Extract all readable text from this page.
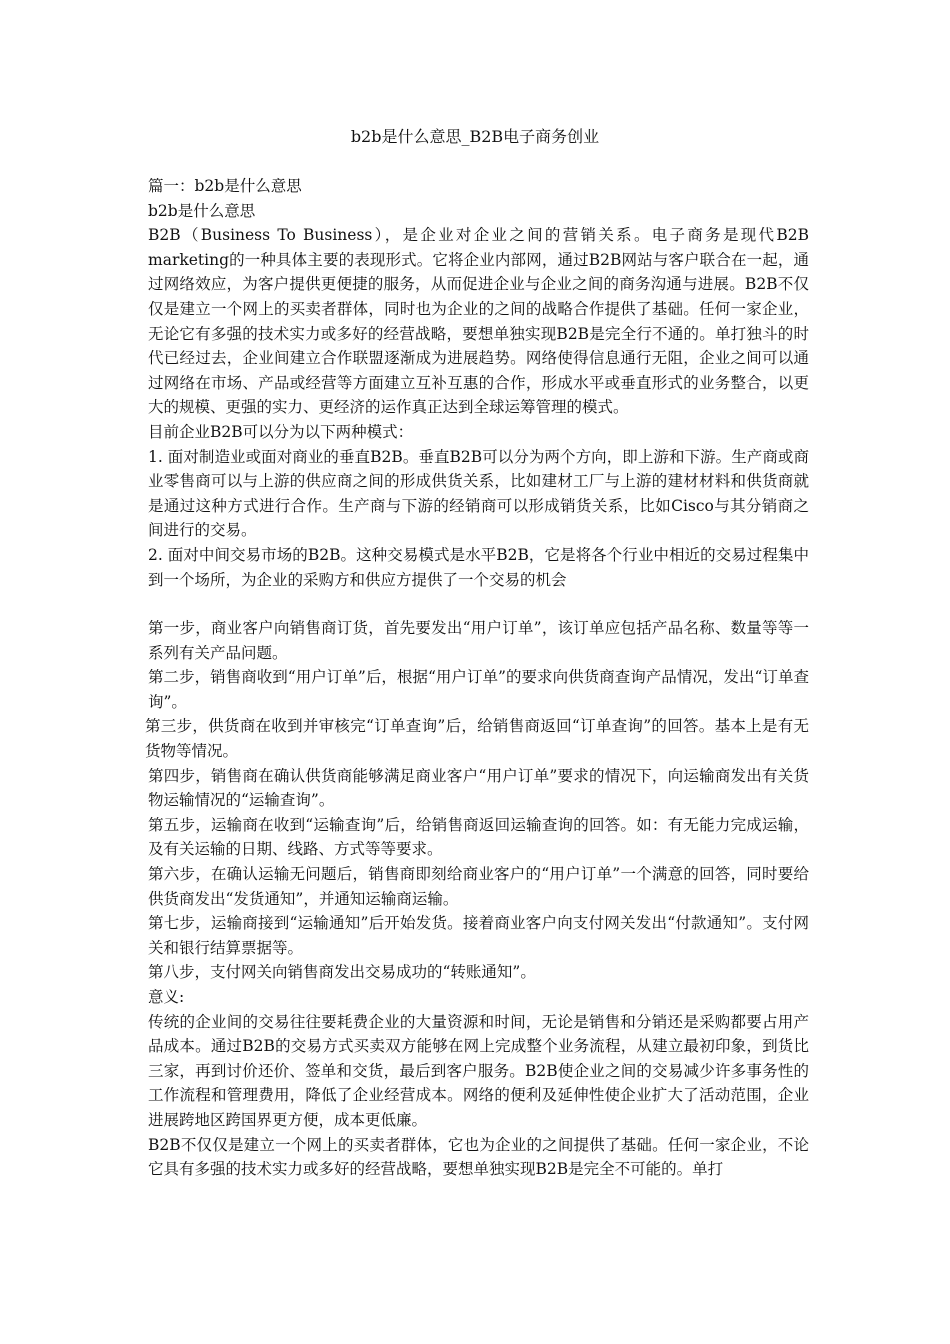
b2b是什么意思_B2B电子商务创业

篇一：b2b是什么意思

b2b是什么意思

B2B（Business To Business），是企业对企业之间的营销关系。电子商务是现代B2B marketing的一种具体主要的表现形式。它将企业内部网，通过B2B网站与客户联合在一起，通过网络效应，为客户提供更便捷的服务，从而促进企业与企业之间的商务沟通与进展。B2B不仅仅是建立一个网上的买卖者群体，同时也为企业的之间的战略合作提供了基础。任何一家企业，无论它有多强的技术实力或多好的经营战略，要想单独实现B2B是完全行不通的。单打独斗的时代已经过去，企业间建立合作联盟逐渐成为进展趋势。网络使得信息通行无阻，企业之间可以通过网络在市场、产品或经营等方面建立互补互惠的合作，形成水平或垂直形式的业务整合，以更大的规模、更强的实力、更经济的运作真正达到全球运筹管理的模式。

目前企业B2B可以分为以下两种模式：

1. 面对制造业或面对商业的垂直B2B。垂直B2B可以分为两个方向，即上游和下游。生产商或商业零售商可以与上游的供应商之间的形成供货关系，比如建材工厂与上游的建材材料和供货商就是通过这种方式进行合作。生产商与下游的经销商可以形成销货关系，比如Cisco与其分销商之间进行的交易。

2. 面对中间交易市场的B2B。这种交易模式是水平B2B，它是将各个行业中相近的交易过程集中到一个场所，为企业的采购方和供应方提供了一个交易的机会

第一步，商业客户向销售商订货，首先要发出“用户订单”，该订单应包括产品名称、数量等等一系列有关产品问题。

第二步，销售商收到“用户订单”后，根据“用户订单”的要求向供货商查询产品情况，发出“订单查询”。

第三步，供货商在收到并审核完“订单查询”后，给销售商返回“订单查询”的回答。基本上是有无货物等情况。

第四步，销售商在确认供货商能够满足商业客户“用户订单”要求的情况下，向运输商发出有关货物运输情况的“运输查询”。

第五步，运输商在收到“运输查询”后，给销售商返回运输查询的回答。如：有无能力完成运输，及有关运输的日期、线路、方式等等要求。

第六步，在确认运输无问题后，销售商即刻给商业客户的“用户订单”一个满意的回答，同时要给供货商发出“发货通知”，并通知运输商运输。

第七步，运输商接到“运输通知”后开始发货。接着商业客户向支付网关发出“付款通知”。支付网关和银行结算票据等。

第八步，支付网关向销售商发出交易成功的“转账通知”。

意义:

传统的企业间的交易往往要耗费企业的大量资源和时间，无论是销售和分销还是采购都要占用产品成本。通过B2B的交易方式买卖双方能够在网上完成整个业务流程，从建立最初印象，到货比三家，再到讨价还价、签单和交货，最后到客户服务。B2B使企业之间的交易减少许多事务性的工作流程和管理费用，降低了企业经营成本。网络的便利及延伸性使企业扩大了活动范围，企业进展跨地区跨国界更方便，成本更低廉。

B2B不仅仅是建立一个网上的买卖者群体，它也为企业的之间提供了基础。任何一家企业，不论它具有多强的技术实力或多好的经营战略，要想单独实现B2B是完全不可能的。单打
